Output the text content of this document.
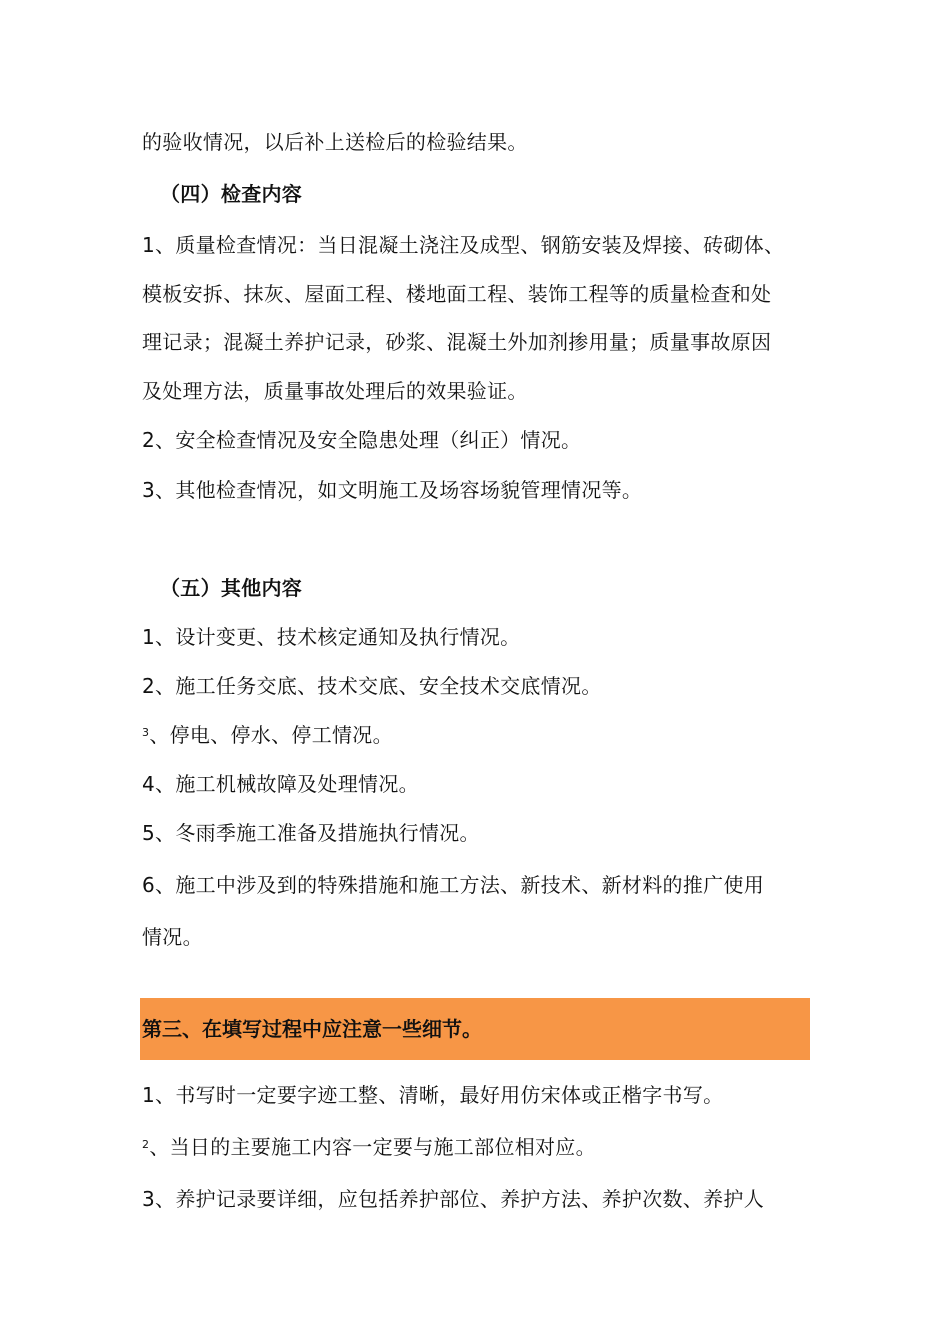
的验收情况，以后补上送检后的检验结果。
（四）检查内容
1、质量检查情况：当日混凝土浇注及成型、钢筋安装及焊接、砖砌体、
模板安拆、抹灰、屋面工程、楼地面工程、装饰工程等的质量检查和处
理记录；混凝土养护记录，砂浆、混凝土外加剂掺用量；质量事故原因
及处理方法，质量事故处理后的效果验证。
2、安全检查情况及安全隐患处理（纠正）情况。
3、其他检查情况，如文明施工及场容场貌管理情况等。
（五）其他内容
1、设计变更、技术核定通知及执行情况。
2、施工任务交底、技术交底、安全技术交底情况。
$^3$、停电、停水、停工情况。
4、施工机械故障及处理情况。
5、冬雨季施工准备及措施执行情况。
6、施工中涉及到的特殊措施和施工方法、新技术、新材料的推广使用
情况。
第三、在填写过程中应注意一些细节。
1、书写时一定要字迹工整、清晰，最好用仿宋体或正楷字书写。
$^2$、当日的主要施工内容一定要与施工部位相对应。
3、养护记录要详细，应包括养护部位、养护方法、养护次数、养护人
